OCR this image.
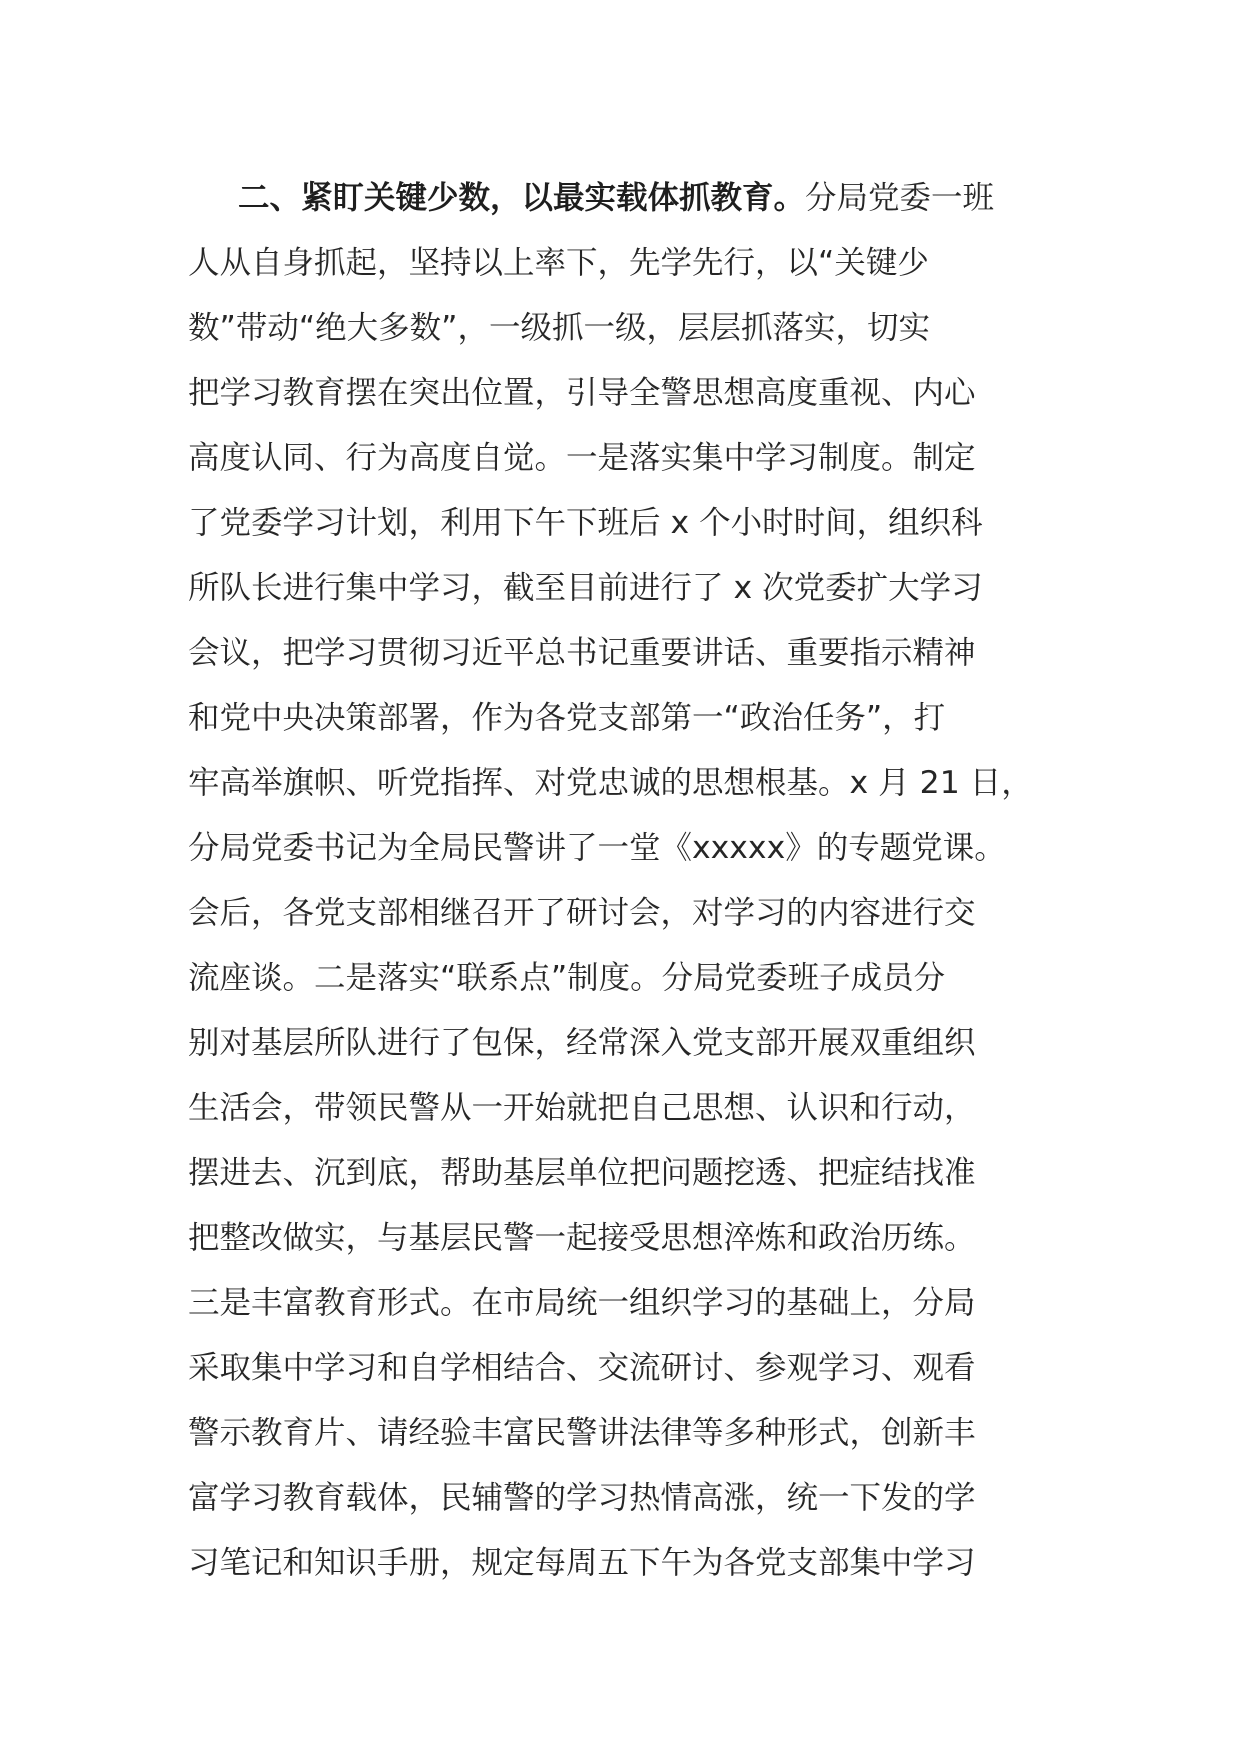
二、紧盯关键少数，以最实载体抓教育。分局党委一班
人从自身抓起，坚持以上率下，先学先行，以“关键少
数”带动“绝大多数”，一级抓一级，层层抓落实，切实
把学习教育摆在突出位置，引导全警思想高度重视、内心
高度认同、行为高度自觉。一是落实集中学习制度。制定
了党委学习计划，利用下午下班后 x 个小时时间，组织科
所队长进行集中学习，截至目前进行了 x 次党委扩大学习
会议，把学习贯彻习近平总书记重要讲话、重要指示精神
和党中央决策部署，作为各党支部第一“政治任务”，打
牢高举旗帜、听党指挥、对党忠诚的思想根基。x 月 21 日，
分局党委书记为全局民警讲了一堂《xxxxx》的专题党课。
会后，各党支部相继召开了研讨会，对学习的内容进行交
流座谈。二是落实“联系点”制度。分局党委班子成员分
别对基层所队进行了包保，经常深入党支部开展双重组织
生活会，带领民警从一开始就把自己思想、认识和行动，
摆进去、沉到底，帮助基层单位把问题挖透、把症结找准
把整改做实，与基层民警一起接受思想淬炼和政治历练。
三是丰富教育形式。在市局统一组织学习的基础上，分局
采取集中学习和自学相结合、交流研讨、参观学习、观看
警示教育片、请经验丰富民警讲法律等多种形式，创新丰
富学习教育载体，民辅警的学习热情高涨，统一下发的学
习笔记和知识手册，规定每周五下午为各党支部集中学习
